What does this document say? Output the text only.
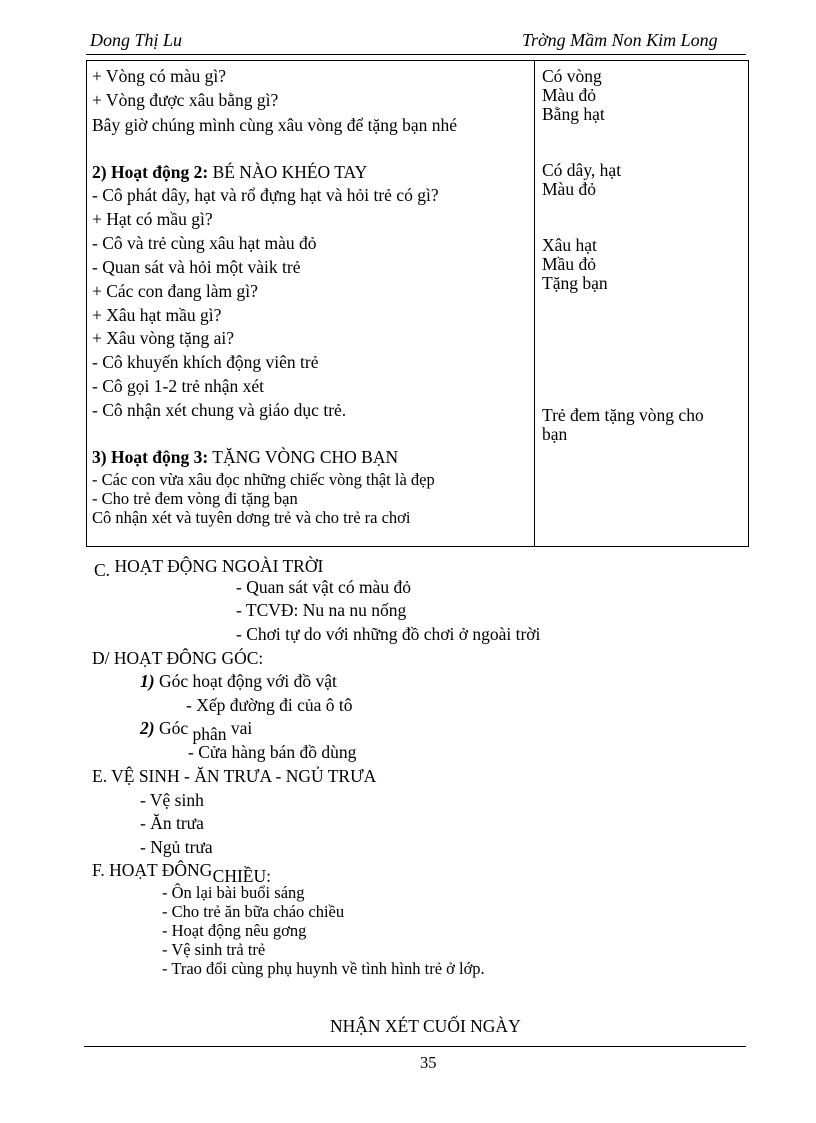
Dong Thị Lu	Trờng Mầm Non Kim Long
+ Vòng có màu gì?
+ Vòng được xâu bằng gì?
Bây giờ chúng mình cùng xâu vòng để tặng bạn nhé
2) Hoạt động 2: BÉ NÀO KHÉO TAY
- Cô phát dây, hạt và rổ đựng hạt và hỏi trẻ có gì?
+ Hạt có mầu gì?
- Cô và trẻ cùng xâu hạt màu đỏ
- Quan sát và hỏi một vàik trẻ
+ Các con đang làm gì?
+ Xâu hạt mầu gì?
+ Xâu vòng tặng ai?
- Cô khuyến khích động viên trẻ
- Cô gọi 1-2 trẻ nhận xét
- Cô nhận xét chung và giáo dục trẻ.
3) Hoạt động 3: TẶNG VÒNG CHO BẠN
- Các con vừa xâu đọc những chiếc vòng thật là đẹp
- Cho trẻ đem vòng đi tặng bạn
Cô nhận xét và tuyên dơng trẻ và cho trẻ ra chơi
Có vòng
Màu đỏ
Bằng hạt
Có dây, hạt
Màu đỏ
Xâu hạt
Mầu đỏ
Tặng bạn
Trẻ đem tặng vòng cho
bạn
C. HOẠT ĐỘNG NGOÀI TRỜI
- Quan sát vật có màu đỏ
- TCVĐ: Nu na nu nống
- Chơi tự do với những đồ chơi ở ngoài trời
D/ HOẠT ĐÔNG GÓC:
1) Góc hoạt động với đồ vật
- Xếp đường đi của ô tô
2) Góc phân vai
- Cửa hàng bán đồ dùng
E. VỆ SINH - ĂN TRƯA - NGỦ TRƯA
- Vệ sinh
- Ăn trưa
- Ngủ trưa
F. HOẠT ĐÔNG CHIỀU:
- Ôn lại bài buổi sáng
- Cho trẻ ăn bữa cháo chiều
- Hoạt động nêu gơng
- Vệ sinh trả trẻ
- Trao đổi cùng phụ huynh về tình hình trẻ ở lớp.
NHẬN XÉT CUỐI NGÀY
35
